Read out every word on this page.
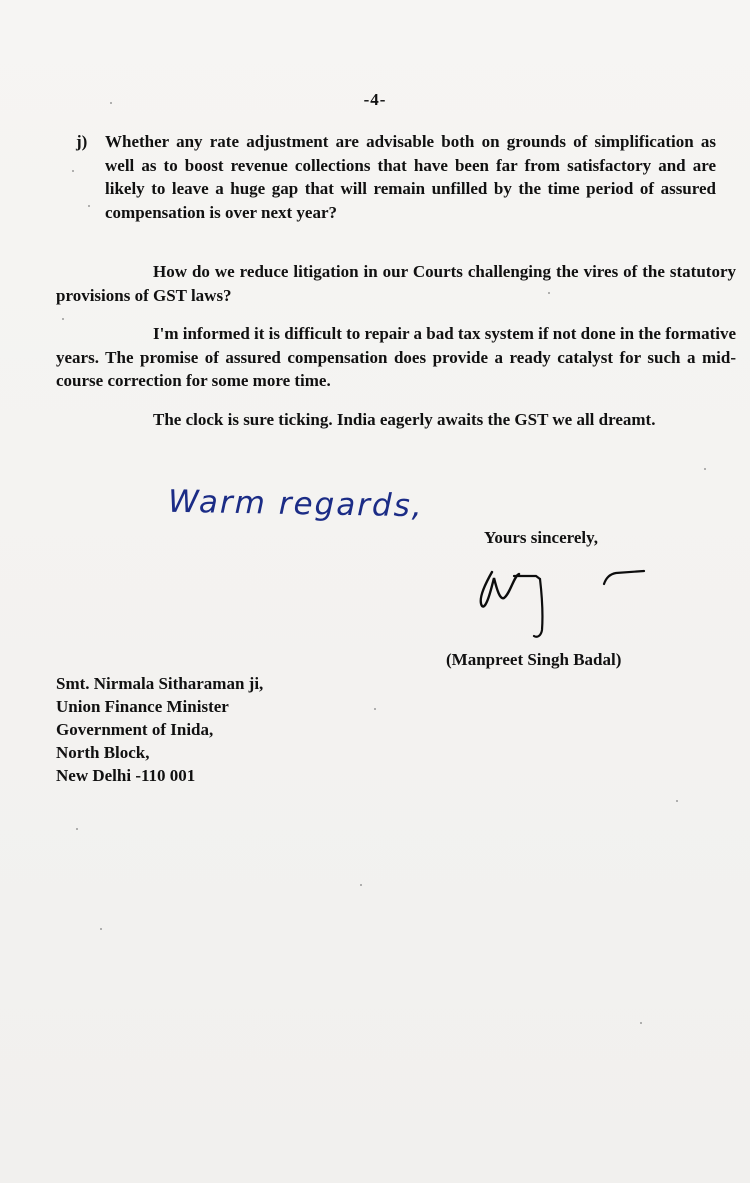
-4-
j) Whether any rate adjustment are advisable both on grounds of simplification as well as to boost revenue collections that have been far from satisfactory and are likely to leave a huge gap that will remain unfilled by the time period of assured compensation is over next year?
How do we reduce litigation in our Courts challenging the vires of the statutory provisions of GST laws?
I'm informed it is difficult to repair a bad tax system if not done in the formative years. The promise of assured compensation does provide a ready catalyst for such a mid- course correction for some more time.
The clock is sure ticking. India eagerly awaits the GST we all dreamt.
Warm regards,
Yours sincerely,
(Manpreet Singh Badal)
Smt. Nirmala Sitharaman ji,
Union Finance Minister
Government of Inida,
North Block,
New Delhi -110 001
